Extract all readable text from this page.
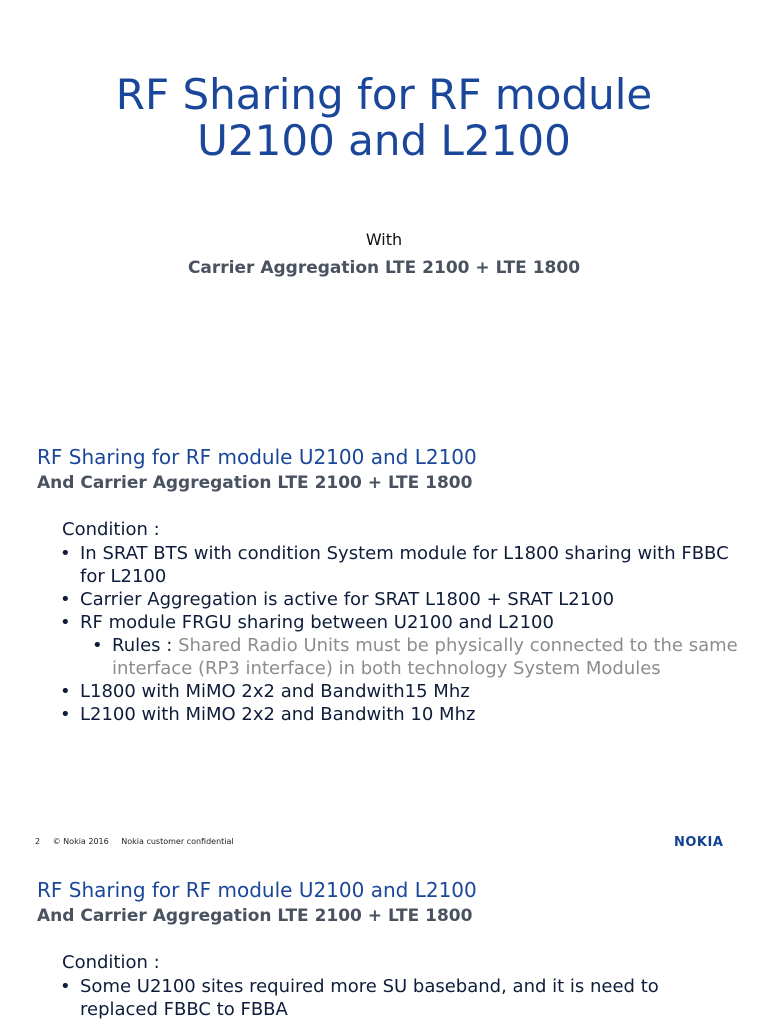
RF Sharing for RF module
U2100 and L2100
With
Carrier Aggregation LTE 2100 + LTE 1800
RF Sharing for RF module U2100 and L2100
And Carrier Aggregation LTE 2100 + LTE 1800
Condition :
• In SRAT BTS with condition System module for L1800 sharing with FBBC for L2100
• Carrier Aggregation is active for SRAT L1800 + SRAT L2100
• RF module FRGU sharing between U2100 and L2100
• Rules : Shared Radio Units must be physically connected to the same interface (RP3 interface) in both technology System Modules
• L1800 with MiMO 2x2 and Bandwith15 Mhz
• L2100 with MiMO 2x2 and Bandwith 10 Mhz
2 © Nokia 2016 Nokia customer confidential	NOKIA
RF Sharing for RF module U2100 and L2100
And Carrier Aggregation LTE 2100 + LTE 1800
Condition :
• Some U2100 sites required more SU baseband, and it is need to replaced FBBC to FBBA
